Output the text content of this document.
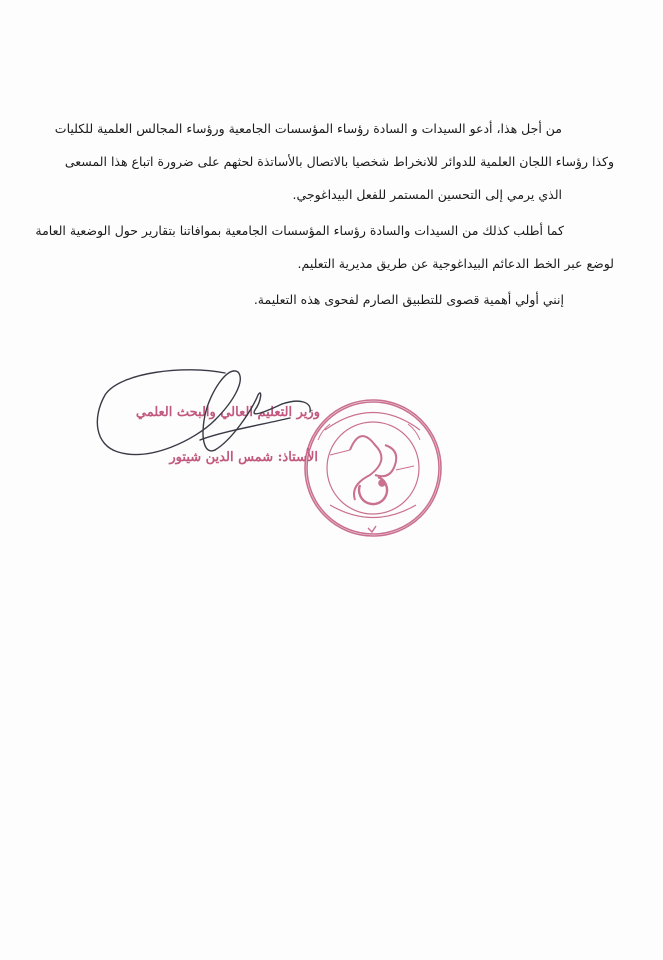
من أجل هذا، أدعو السيدات و السادة رؤساء المؤسسات الجامعية ورؤساء المجالس العلمية للكليات
وكذا رؤساء اللجان العلمية للدوائر للانخراط شخصيا بالاتصال بالأساتذة لحثهم على ضرورة اتباع هذا المسعى
الذي يرمي إلى التحسين المستمر للفعل البيداغوجي.

كما أطلب كذلك من السيدات والسادة رؤساء المؤسسات الجامعية بموافاتنا بتقارير حول الوضعية العامة
لوضع عبر الخط الدعائم البيداغوجية عن طريق مديرية التعليم.

إنني أولي أهمية قصوى للتطبيق الصارم لفحوى هذه التعليمة.

وزير التعليم العالي والبحث العلمي
الأستاذ: شمس الدين شيتور
